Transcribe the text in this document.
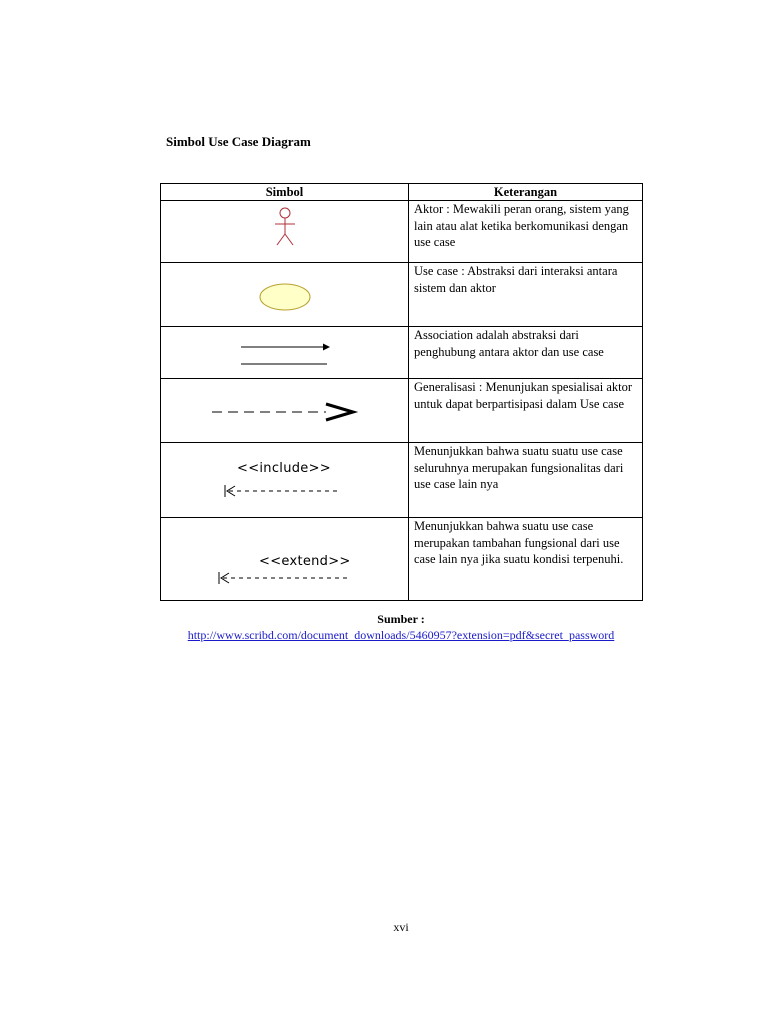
Simbol Use Case Diagram
Simbol	Keterangan

	Aktor : Mewakili peran orang, sistem yang lain atau alat ketika berkomunikasi dengan use case

	Use case : Abstraksi dari interaksi antara sistem dan aktor

	Association adalah abstraksi dari penghubung antara aktor dan use case

	Generalisasi : Menunjukan spesialisai aktor untuk dapat berpartisipasi dalam Use case

<<include>>	Menunjukkan bahwa suatu suatu use case seluruhnya merupakan fungsionalitas dari use case lain nya

<<extend>>	Menunjukkan bahwa suatu use case merupakan tambahan fungsional dari use case lain nya jika suatu kondisi terpenuhi.
Sumber :
http://www.scribd.com/document_downloads/5460957?extension=pdf&secret_password
xvi
